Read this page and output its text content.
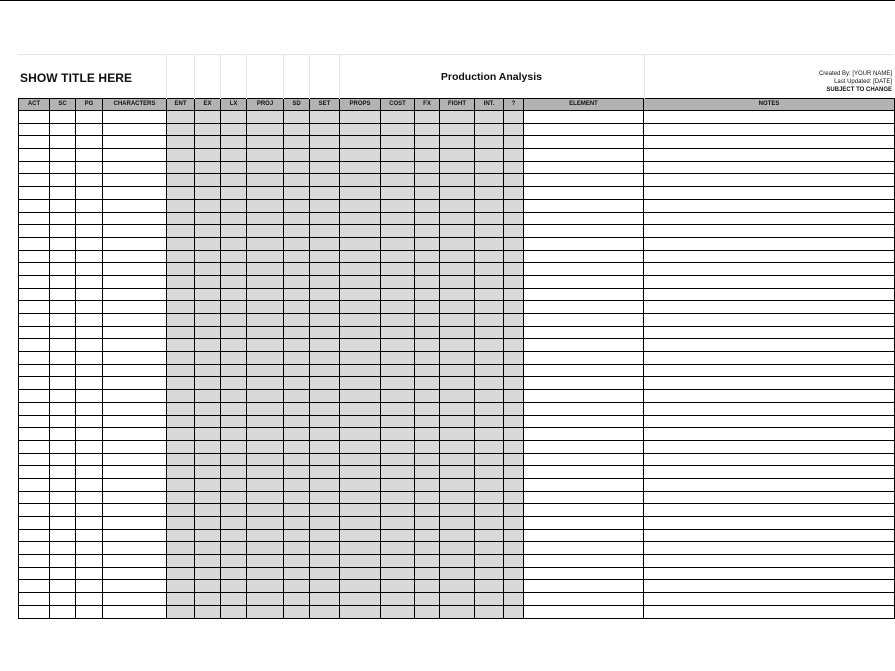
SHOW TITLE HERE	Production Analysis	Created By: [YOUR NAME]
Last Updated: [DATE]
SUBJECT TO CHANGE
ACT	SC	PG	CHARACTERS	ENT	EX	LX	PROJ	SD	SET	PROPS	COST	FX	FIGHT	INT.	?	ELEMENT	NOTES
